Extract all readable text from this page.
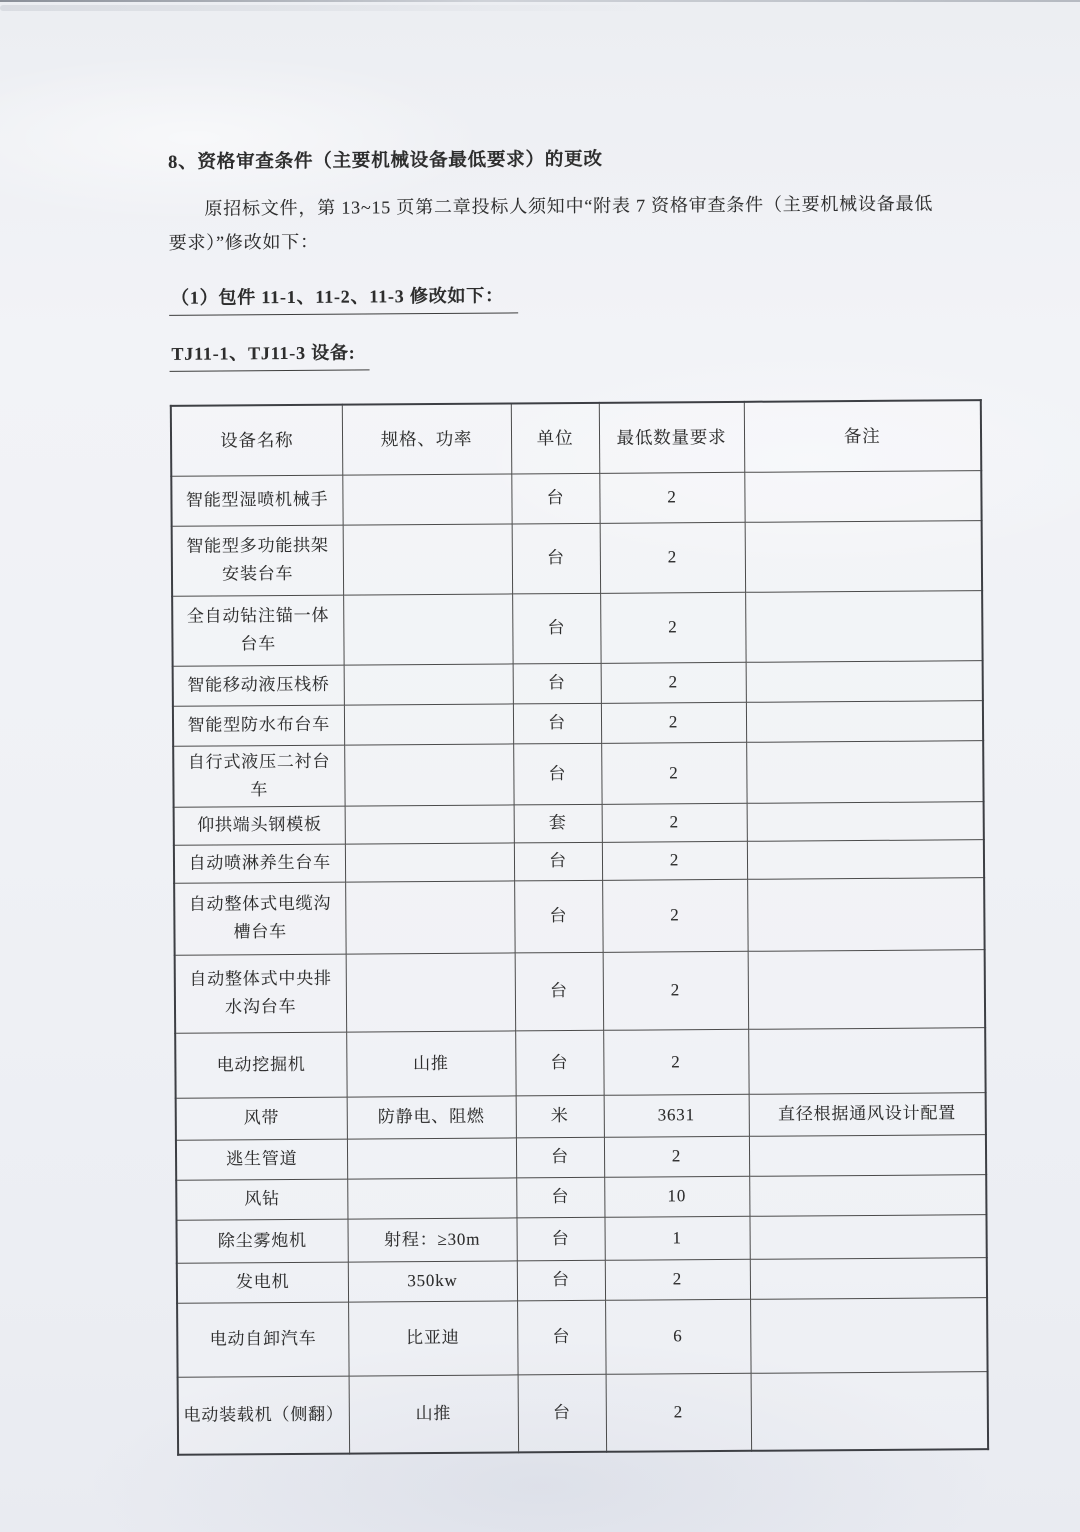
8、资格审查条件（主要机械设备最低要求）的更改

原招标文件，第 13~15 页第二章投标人须知中“附表 7 资格审查条件（主要机械设备最低要求）”修改如下：

（1）包件 11-1、11-2、11-3 修改如下：

TJ11-1、TJ11-3 设备:

设备名称	规格、功率	单位	最低数量要求	备注
智能型湿喷机械手		台	2	
智能型多功能拱架
安装台车		台	2	
全自动钻注锚一体
台车		台	2	
智能移动液压栈桥		台	2	
智能型防水布台车		台	2	
自行式液压二衬台
车		台	2	
仰拱端头钢模板		套	2	
自动喷淋养生台车		台	2	
自动整体式电缆沟
槽台车		台	2	
自动整体式中央排
水沟台车		台	2	
电动挖掘机	山推	台	2	
风带	防静电、阻燃	米	3631	直径根据通风设计配置
逃生管道		台	2	
风钻		台	10	
除尘雾炮机	射程：≥30m	台	1	
发电机	350kw	台	2	
电动自卸汽车	比亚迪	台	6	
电动装载机（侧翻）	山推	台	2	
